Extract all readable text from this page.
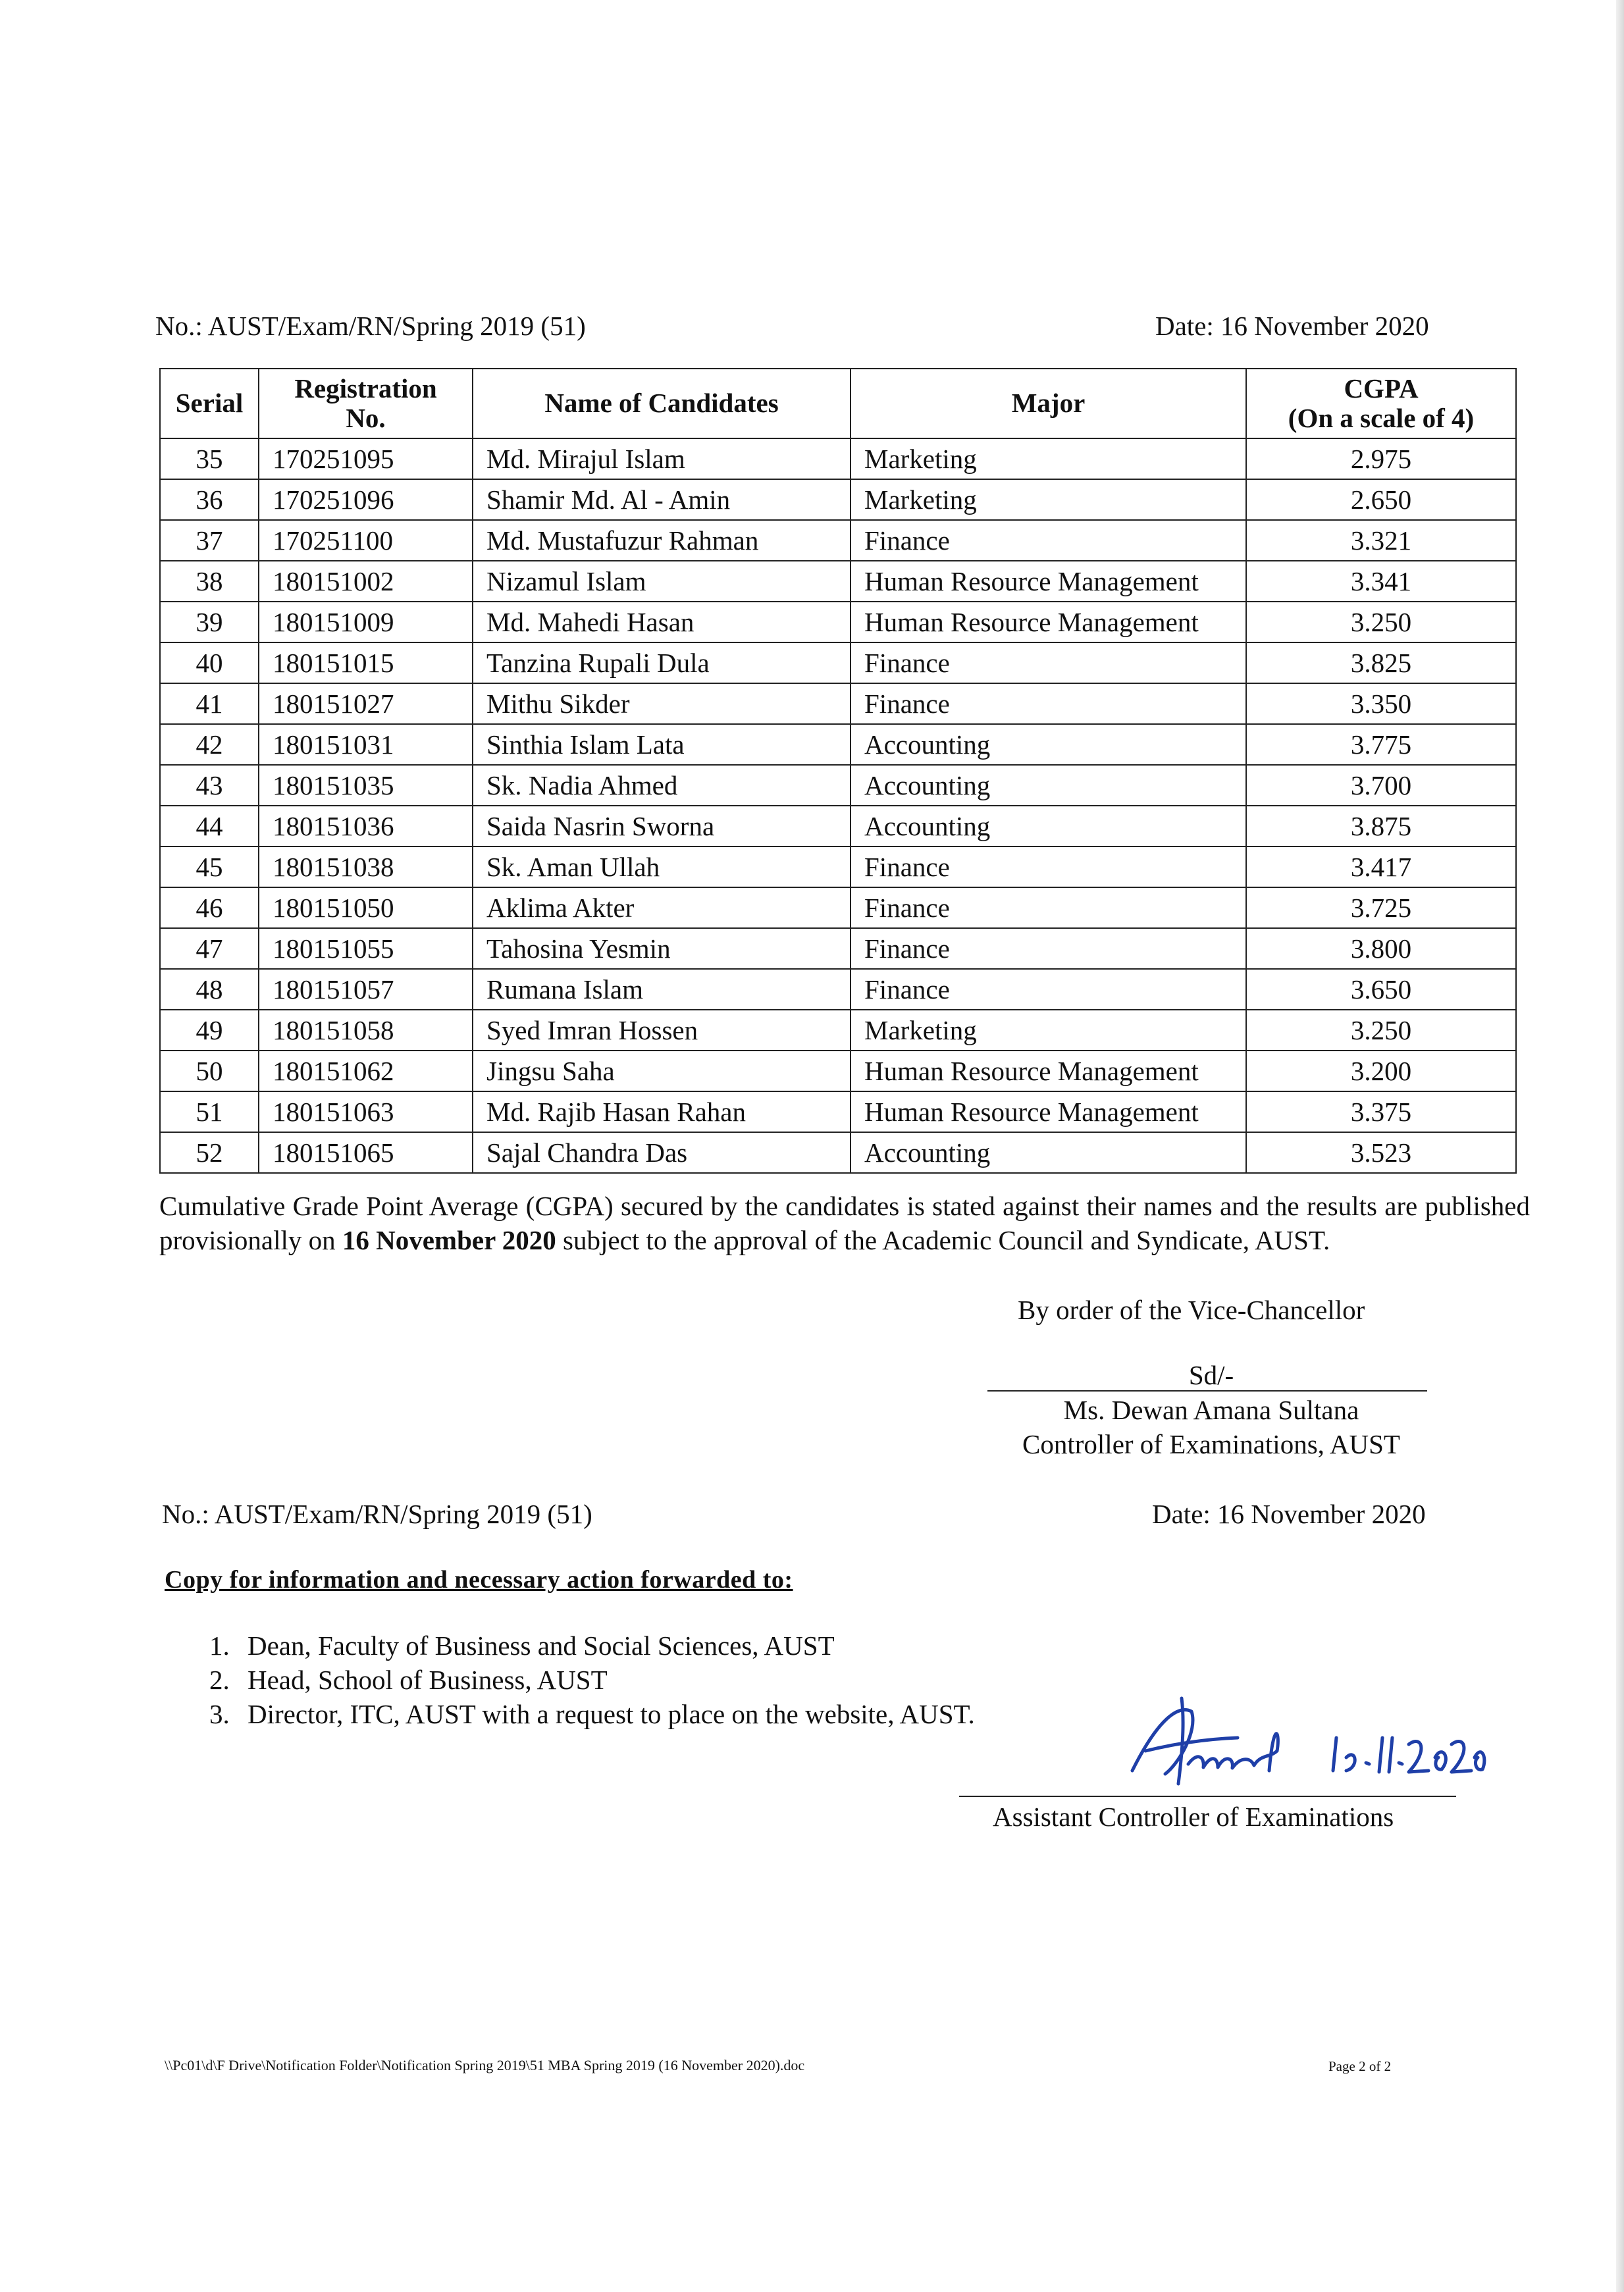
No.: AUST/Exam/RN/Spring 2019 (51)	Date: 16 November 2020
Serial	Registration No.	Name of Candidates	Major	CGPA
(On a scale of 4)
35	170251095	Md. Mirajul Islam	Marketing	2.975
36	170251096	Shamir Md. Al - Amin	Marketing	2.650
37	170251100	Md. Mustafuzur Rahman	Finance	3.321
38	180151002	Nizamul Islam	Human Resource Management	3.341
39	180151009	Md. Mahedi Hasan	Human Resource Management	3.250
40	180151015	Tanzina Rupali Dula	Finance	3.825
41	180151027	Mithu Sikder	Finance	3.350
42	180151031	Sinthia Islam Lata	Accounting	3.775
43	180151035	Sk. Nadia Ahmed	Accounting	3.700
44	180151036	Saida Nasrin Sworna	Accounting	3.875
45	180151038	Sk. Aman Ullah	Finance	3.417
46	180151050	Aklima Akter	Finance	3.725
47	180151055	Tahosina Yesmin	Finance	3.800
48	180151057	Rumana Islam	Finance	3.650
49	180151058	Syed Imran Hossen	Marketing	3.250
50	180151062	Jingsu Saha	Human Resource Management	3.200
51	180151063	Md. Rajib Hasan Rahan	Human Resource Management	3.375
52	180151065	Sajal Chandra Das	Accounting	3.523
Cumulative Grade Point Average (CGPA) secured by the candidates is stated against their names and the results are published provisionally on 16 November 2020 subject to the approval of the Academic Council and Syndicate, AUST.
By order of the Vice-Chancellor
Sd/-
Ms. Dewan Amana Sultana
Controller of Examinations, AUST
No.: AUST/Exam/RN/Spring 2019 (51)	Date: 16 November 2020
Copy for information and necessary action forwarded to:
1. Dean, Faculty of Business and Social Sciences, AUST
2. Head, School of Business, AUST
3. Director, ITC, AUST with a request to place on the website, AUST.
Assistant Controller of Examinations
\\Pc01\d\F Drive\Notification Folder\Notification Spring 2019\51 MBA Spring 2019 (16 November 2020).doc	Page 2 of 2
